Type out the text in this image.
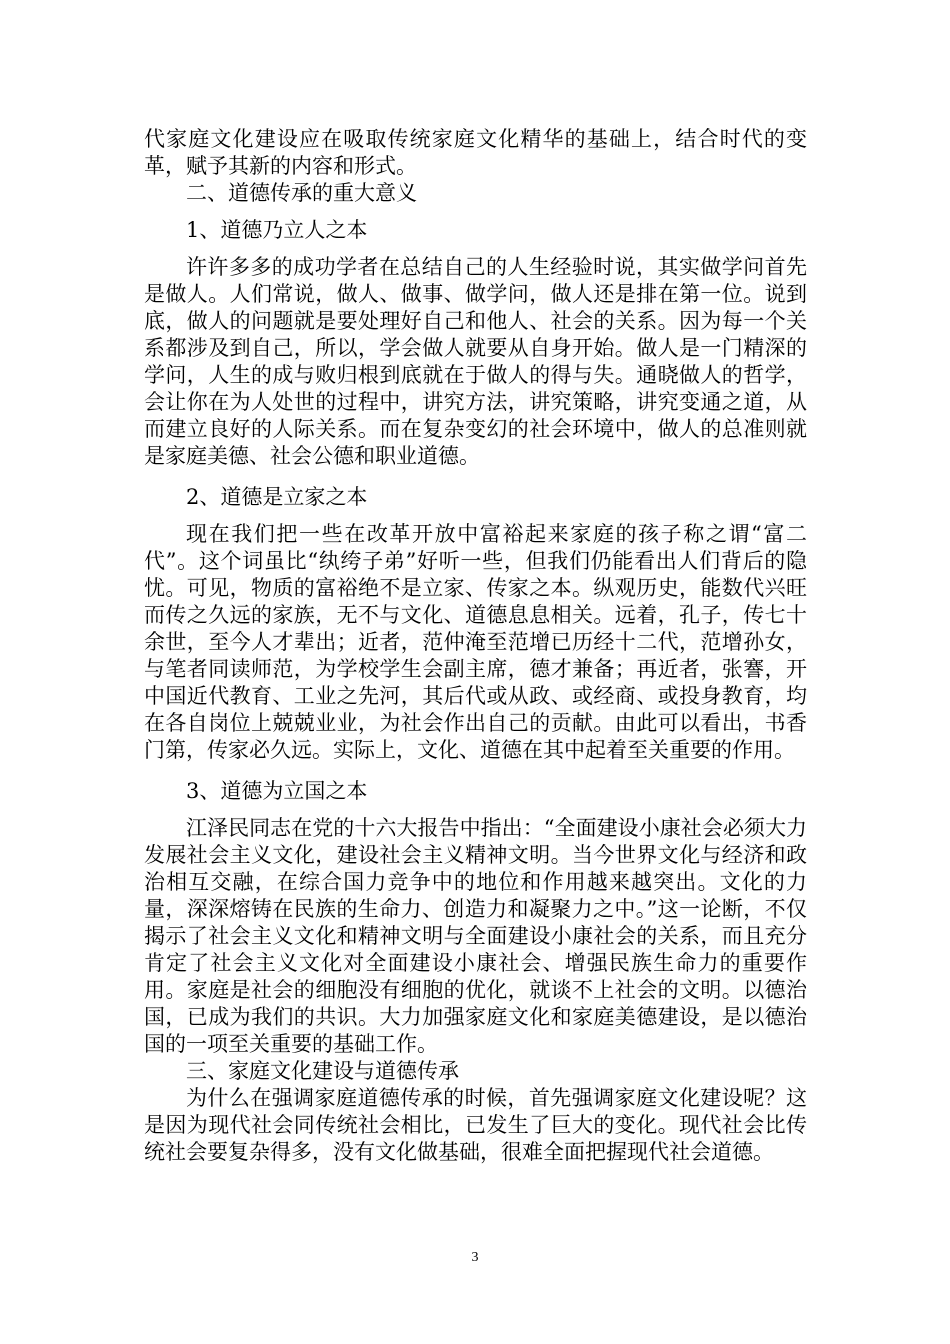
代家庭文化建设应在吸取传统家庭文化精华的基础上，结合时代的变革，赋予其新的内容和形式。

二、道德传承的重大意义

1、道德乃立人之本

许许多多的成功学者在总结自己的人生经验时说，其实做学问首先是做人。人们常说，做人、做事、做学问，做人还是排在第一位。说到底，做人的问题就是要处理好自己和他人、社会的关系。因为每一个关系都涉及到自己，所以，学会做人就要从自身开始。做人是一门精深的学问，人生的成与败归根到底就在于做人的得与失。通晓做人的哲学，会让你在为人处世的过程中，讲究方法，讲究策略，讲究变通之道，从而建立良好的人际关系。而在复杂变幻的社会环境中，做人的总准则就是家庭美德、社会公德和职业道德。

2、道德是立家之本

现在我们把一些在改革开放中富裕起来家庭的孩子称之谓“富二代”。这个词虽比“纨绔子弟”好听一些，但我们仍能看出人们背后的隐忧。可见，物质的富裕绝不是立家、传家之本。纵观历史，能数代兴旺而传之久远的家族，无不与文化、道德息息相关。远着，孔子，传七十余世，至今人才辈出；近者，范仲淹至范增已历经十二代，范增孙女，与笔者同读师范，为学校学生会副主席，德才兼备；再近者，张謇，开中国近代教育、工业之先河，其后代或从政、或经商、或投身教育，均在各自岗位上兢兢业业，为社会作出自己的贡献。由此可以看出，书香门第，传家必久远。实际上，文化、道德在其中起着至关重要的作用。

3、道德为立国之本

江泽民同志在党的十六大报告中指出：“全面建设小康社会必须大力发展社会主义文化，建设社会主义精神文明。当今世界文化与经济和政治相互交融，在综合国力竞争中的地位和作用越来越突出。文化的力量，深深熔铸在民族的生命力、创造力和凝聚力之中。”这一论断，不仅揭示了社会主义文化和精神文明与全面建设小康社会的关系，而且充分肯定了社会主义文化对全面建设小康社会、增强民族生命力的重要作用。家庭是社会的细胞没有细胞的优化，就谈不上社会的文明。以德治国，已成为我们的共识。大力加强家庭文化和家庭美德建设，是以德治国的一项至关重要的基础工作。

三、家庭文化建设与道德传承

为什么在强调家庭道德传承的时候，首先强调家庭文化建设呢？这是因为现代社会同传统社会相比，已发生了巨大的变化。现代社会比传统社会要复杂得多，没有文化做基础，很难全面把握现代社会道德。

3
